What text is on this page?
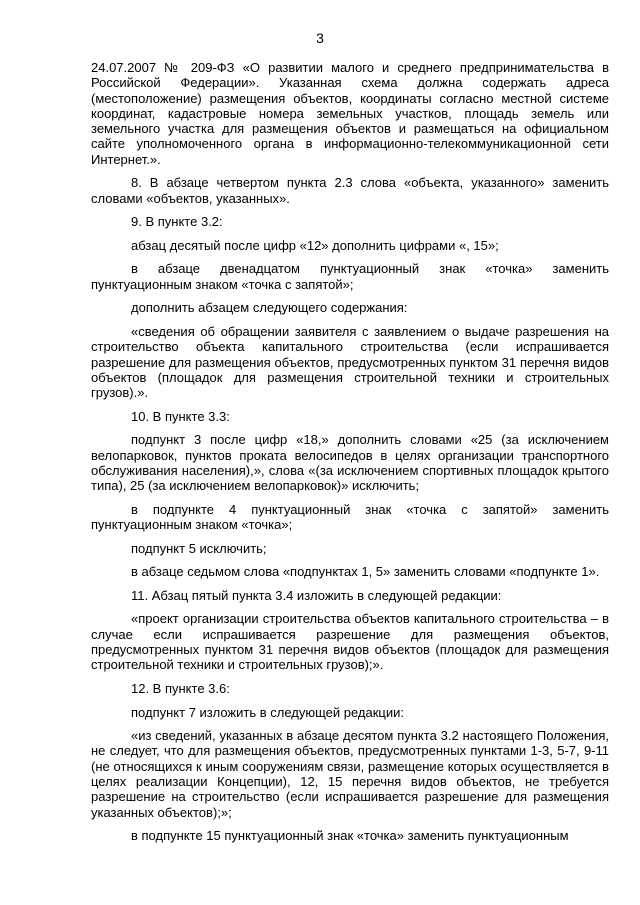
3

24.07.2007 № 209-ФЗ «О развитии малого и среднего предпринимательства в Российской Федерации». Указанная схема должна содержать адреса (местоположение) размещения объектов, координаты согласно местной системе координат, кадастровые номера земельных участков, площадь земель или земельного участка для размещения объектов и размещаться на официальном сайте уполномоченного органа в информационно-телекоммуникационной сети Интернет.».

8. В абзаце четвертом пункта 2.3 слова «объекта, указанного» заменить словами «объектов, указанных».

9. В пункте 3.2:

абзац десятый после цифр «12» дополнить цифрами «, 15»;

в абзаце двенадцатом пунктуационный знак «точка» заменить пунктуационным знаком «точка с запятой»;

дополнить абзацем следующего содержания:

«сведения об обращении заявителя с заявлением о выдаче разрешения на строительство объекта капитального строительства (если испрашивается разрешение для размещения объектов, предусмотренных пунктом 31 перечня видов объектов (площадок для размещения строительной техники и строительных грузов).».

10. В пункте 3.3:

подпункт 3 после цифр «18,» дополнить словами «25 (за исключением велопарковок, пунктов проката велосипедов в целях организации транспортного обслуживания населения),», слова «(за исключением спортивных площадок крытого типа), 25 (за исключением велопарковок)» исключить;

в подпункте 4 пунктуационный знак «точка с запятой» заменить пунктуационным знаком «точка»;

подпункт 5 исключить;

в абзаце седьмом слова «подпунктах 1, 5» заменить словами «подпункте 1».

11. Абзац пятый пункта 3.4 изложить в следующей редакции:

«проект организации строительства объектов капитального строительства – в случае если испрашивается разрешение для размещения объектов, предусмотренных пунктом 31 перечня видов объектов (площадок для размещения строительной техники и строительных грузов);».

12. В пункте 3.6:

подпункт 7 изложить в следующей редакции:

«из сведений, указанных в абзаце десятом пункта 3.2 настоящего Положения, не следует, что для размещения объектов, предусмотренных пунктами 1-3, 5-7, 9-11 (не относящихся к иным сооружениям связи, размещение которых осуществляется в целях реализации Концепции), 12, 15 перечня видов объектов, не требуется разрешение на строительство (если испрашивается разрешение для размещения указанных объектов);»;

в подпункте 15 пунктуационный знак «точка» заменить пунктуационным
